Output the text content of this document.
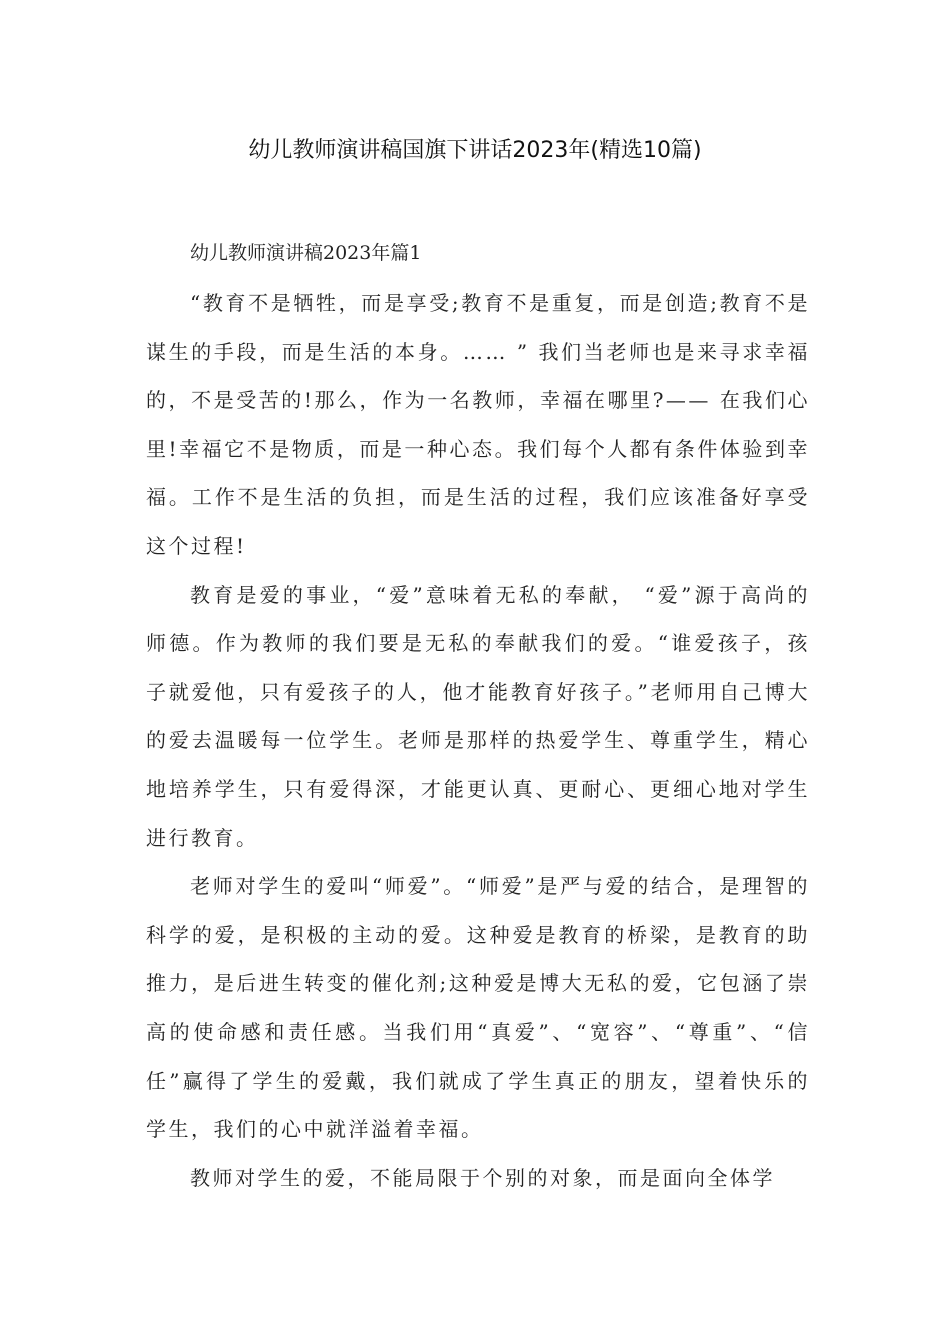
幼儿教师演讲稿国旗下讲话2023年(精选10篇)
幼儿教师演讲稿2023年篇1

“教育不是牺牲，而是享受;教育不是重复，而是创造;教育不是谋生的手段，而是生活的本身。…… ” 我们当老师也是来寻求幸福的，不是受苦的!那么，作为一名教师，幸福在哪里?—— 在我们心里!幸福它不是物质，而是一种心态。我们每个人都有条件体验到幸福。工作不是生活的负担，而是生活的过程，我们应该准备好享受这个过程!

教育是爱的事业，“爱”意味着无私的奉献， “爱”源于高尚的师德。作为教师的我们要是无私的奉献我们的爱。“谁爱孩子，孩子就爱他，只有爱孩子的人，他才能教育好孩子。”老师用自己博大的爱去温暖每一位学生。老师是那样的热爱学生、尊重学生，精心地培养学生，只有爱得深，才能更认真、更耐心、更细心地对学生进行教育。

老师对学生的爱叫“师爱”。“师爱”是严与爱的结合，是理智的科学的爱，是积极的主动的爱。这种爱是教育的桥梁，是教育的助推力，是后进生转变的催化剂;这种爱是博大无私的爱，它包涵了崇高的使命感和责任感。当我们用“真爱”、“宽容”、“尊重”、“信任”赢得了学生的爱戴，我们就成了学生真正的朋友，望着快乐的学生，我们的心中就洋溢着幸福。

教师对学生的爱，不能局限于个别的对象，而是面向全体学
